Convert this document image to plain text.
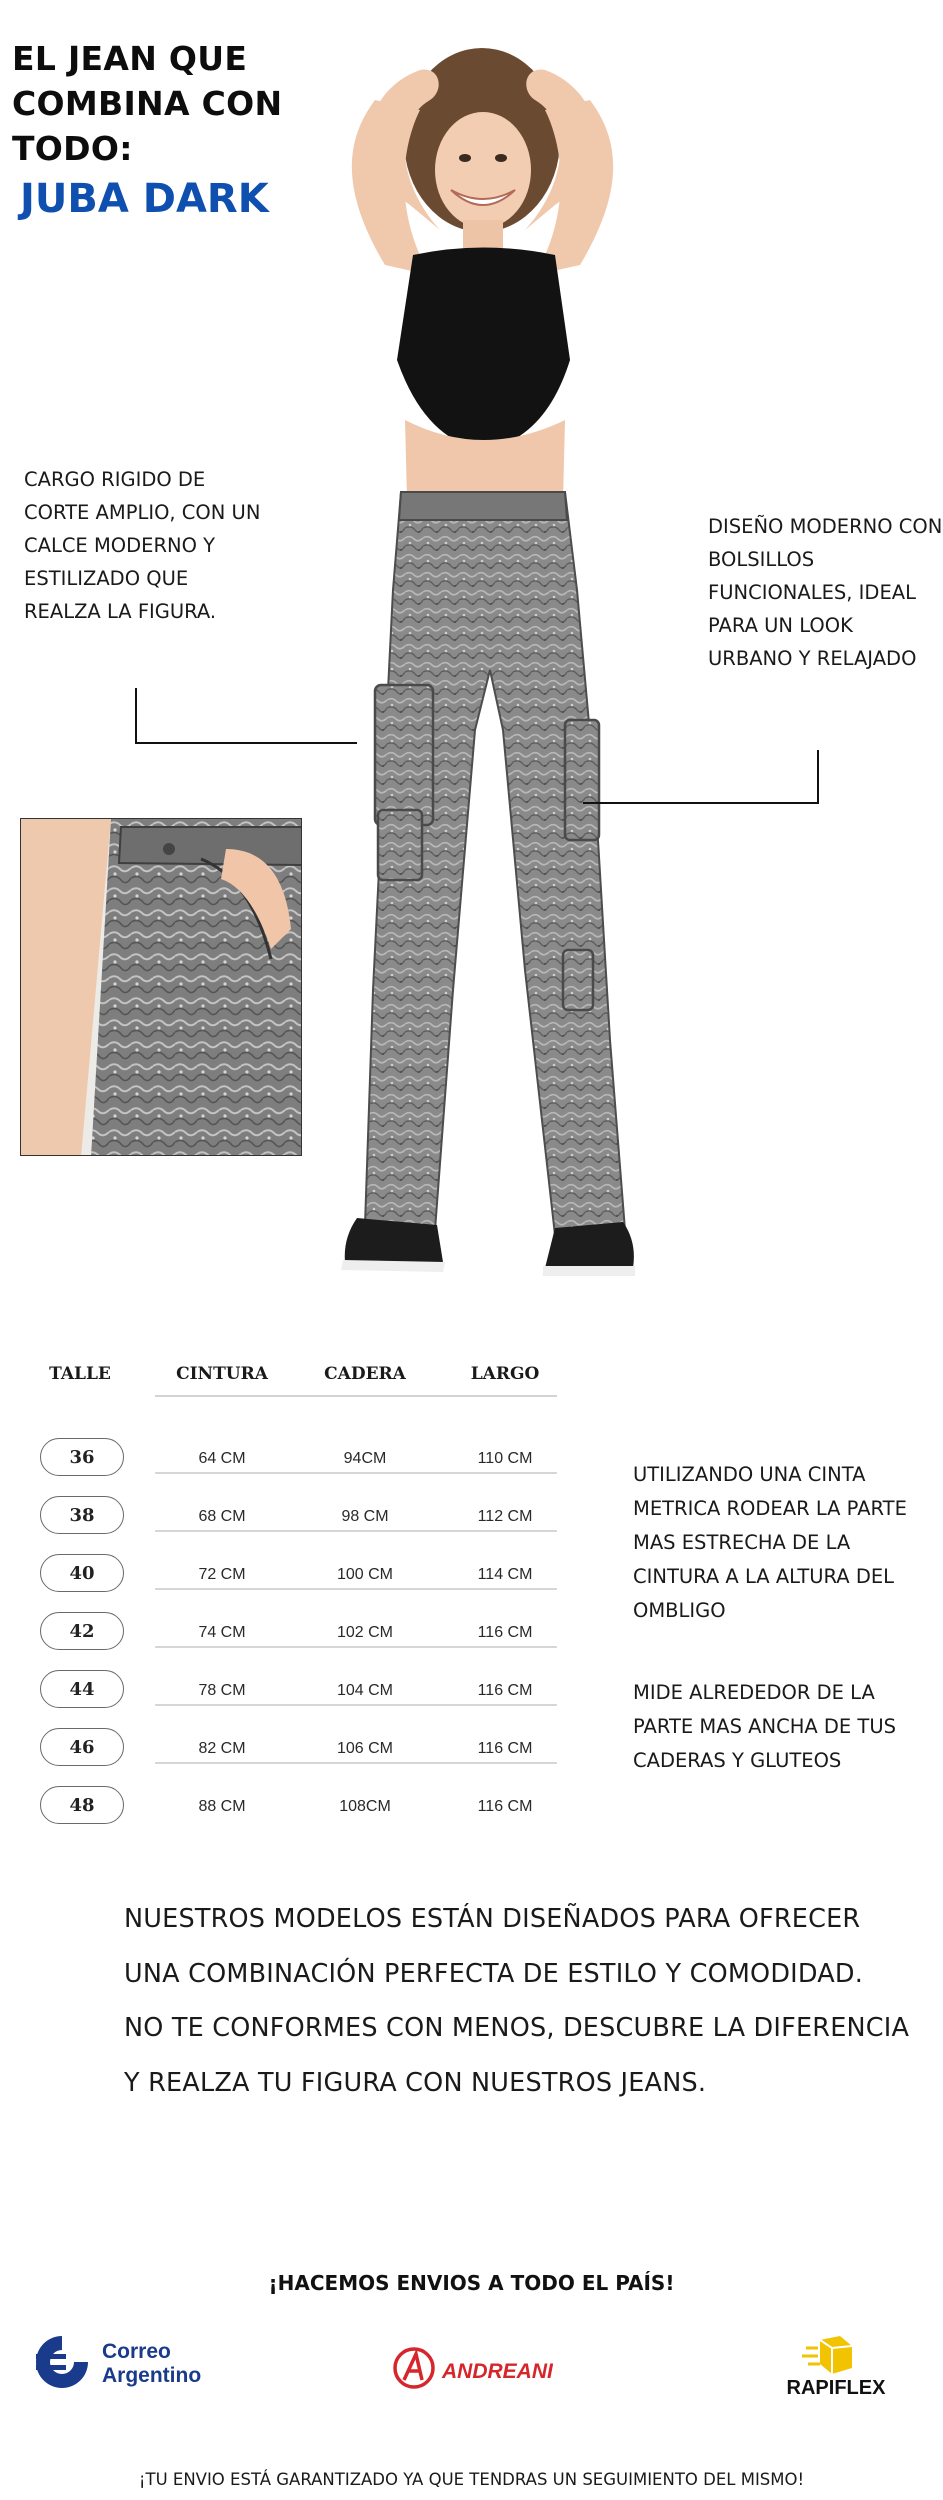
EL JEAN QUE
COMBINA CON
TODO:
JUBA DARK
CARGO RIGIDO DE CORTE AMPLIO, CON UN CALCE MODERNO Y ESTILIZADO QUE REALZA LA FIGURA.
DISEÑO MODERNO CON BOLSILLOS FUNCIONALES, IDEAL PARA UN LOOK URBANO Y RELAJADO
TALLE	CINTURA	CADERA	LARGO
36	64 CM	94CM	110 CM
38	68 CM	98 CM	112 CM
40	72 CM	100 CM	114 CM
42	74 CM	102 CM	116 CM
44	78 CM	104 CM	116 CM
46	82 CM	106 CM	116 CM
48	88 CM	108CM	116 CM
UTILIZANDO UNA CINTA METRICA RODEAR LA PARTE MAS ESTRECHA DE LA CINTURA A LA ALTURA DEL OMBLIGO
MIDE ALREDEDOR DE LA PARTE MAS ANCHA DE TUS CADERAS Y GLUTEOS
NUESTROS MODELOS ESTÁN DISEÑADOS PARA OFRECER
UNA COMBINACIÓN PERFECTA DE ESTILO Y COMODIDAD.
NO TE CONFORMES CON MENOS, DESCUBRE LA DIFERENCIA
Y REALZA TU FIGURA CON NUESTROS JEANS.
¡HACEMOS ENVIOS A TODO EL PAÍS!
Correo
Argentino	ANDREANI
RAPIFLEX
¡TU ENVIO ESTÁ GARANTIZADO YA QUE TENDRAS UN SEGUIMIENTO DEL MISMO!
